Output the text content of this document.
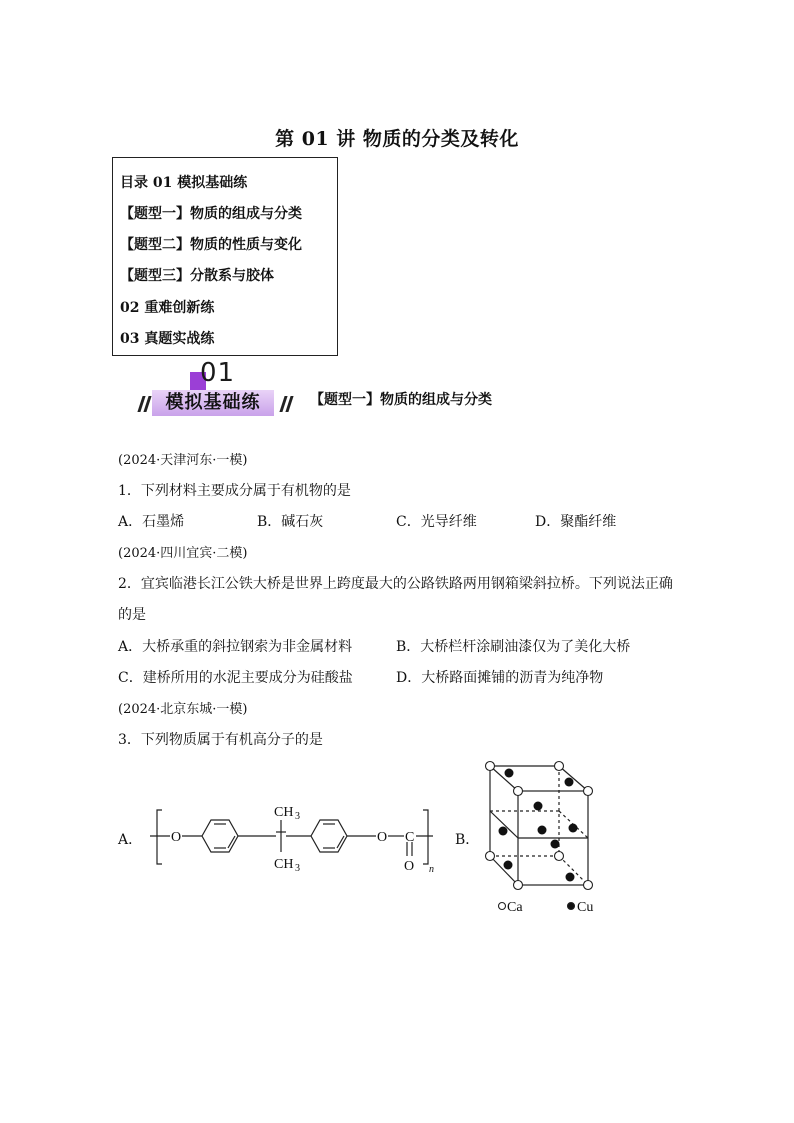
第 01 讲 物质的分类及转化
目录 01 模拟基础练
【题型一】物质的组成与分类
【题型二】物质的性质与变化
【题型三】分散系与胶体
02 重难创新练
03 真题实战练
01
模拟基础练	【题型一】物质的组成与分类
(2024·天津河东·一模)
1．下列材料主要成分属于有机物的是
A．石墨烯	B．碱石灰	C．光导纤维	D．聚酯纤维
(2024·四川宜宾·二模)
2．宜宾临港长江公铁大桥是世界上跨度最大的公路铁路两用钢箱梁斜拉桥。下列说法正确
的是
A．大桥承重的斜拉钢索为非金属材料	B．大桥栏杆涂刷油漆仅为了美化大桥
C．建桥所用的水泥主要成分为硅酸盐	D．大桥路面摊铺的沥青为纯净物
(2024·北京东城·一模)
3．下列物质属于有机高分子的是
A． O
CH 3
CH 3
O C
O n
B．
Ca	Cu
